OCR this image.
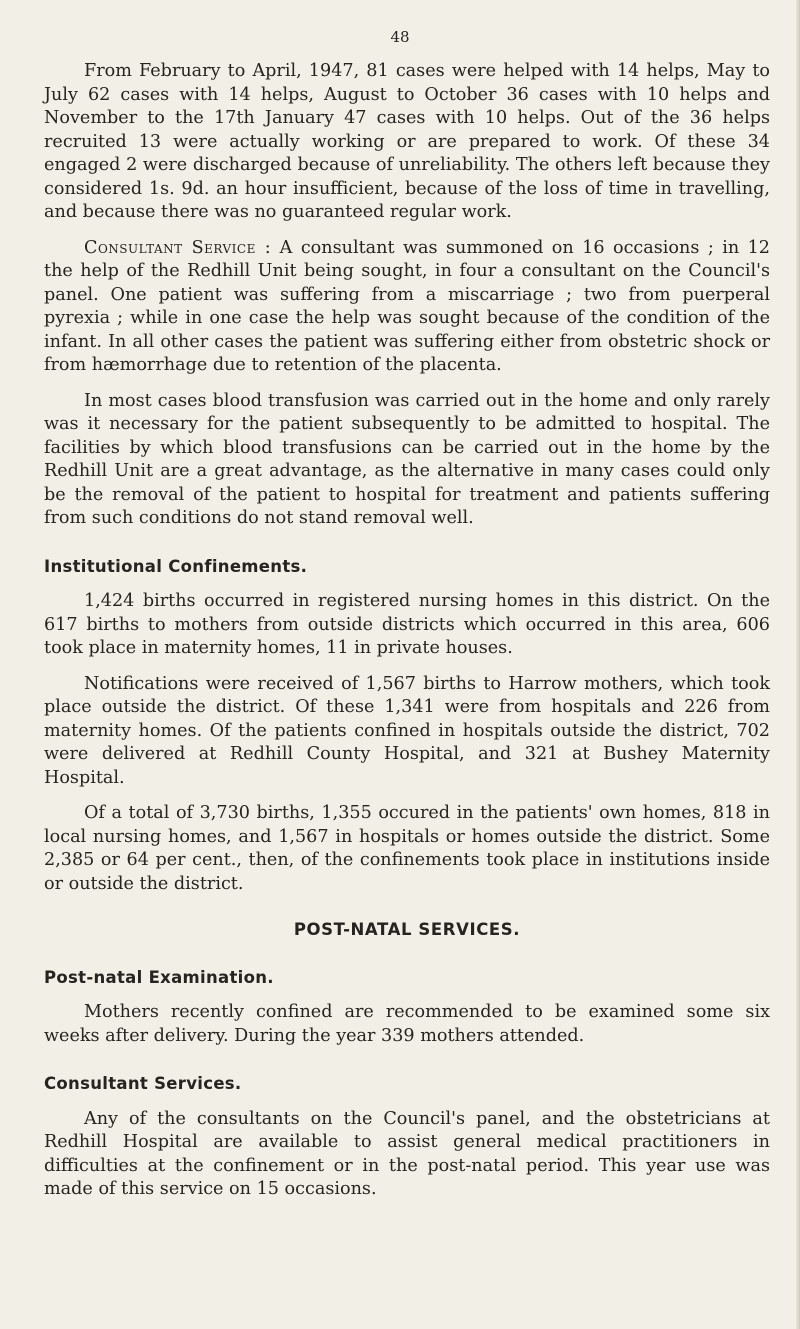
48

From February to April, 1947, 81 cases were helped with 14 helps, May to July 62 cases with 14 helps, August to October 36 cases with 10 helps and November to the 17th January 47 cases with 10 helps. Out of the 36 helps recruited 13 were actually working or are prepared to work. Of these 34 engaged 2 were discharged because of unreliability. The others left because they considered 1s. 9d. an hour insufficient, because of the loss of time in travelling, and because there was no guaranteed regular work.

Consultant Service : A consultant was summoned on 16 occasions ; in 12 the help of the Redhill Unit being sought, in four a consultant on the Council's panel. One patient was suffering from a miscarriage ; two from puerperal pyrexia ; while in one case the help was sought because of the condition of the infant. In all other cases the patient was suffering either from obstetric shock or from hæmorrhage due to retention of the placenta.

In most cases blood transfusion was carried out in the home and only rarely was it necessary for the patient subsequently to be admitted to hospital. The facilities by which blood transfusions can be carried out in the home by the Redhill Unit are a great advantage, as the alternative in many cases could only be the removal of the patient to hospital for treatment and patients suffering from such conditions do not stand removal well.

Institutional Confinements.

1,424 births occurred in registered nursing homes in this district. On the 617 births to mothers from outside districts which occurred in this area, 606 took place in maternity homes, 11 in private houses.

Notifications were received of 1,567 births to Harrow mothers, which took place outside the district. Of these 1,341 were from hospitals and 226 from maternity homes. Of the patients confined in hospitals outside the district, 702 were delivered at Redhill County Hospital, and 321 at Bushey Maternity Hospital.

Of a total of 3,730 births, 1,355 occured in the patients' own homes, 818 in local nursing homes, and 1,567 in hospitals or homes outside the district. Some 2,385 or 64 per cent., then, of the confinements took place in institutions inside or outside the district.

POST-NATAL SERVICES.
Post-natal Examination.

Mothers recently confined are recommended to be examined some six weeks after delivery. During the year 339 mothers attended.

Consultant Services.

Any of the consultants on the Council's panel, and the obstetricians at Redhill Hospital are available to assist general medical practitioners in difficulties at the confinement or in the post-natal period. This year use was made of this service on 15 occasions.
